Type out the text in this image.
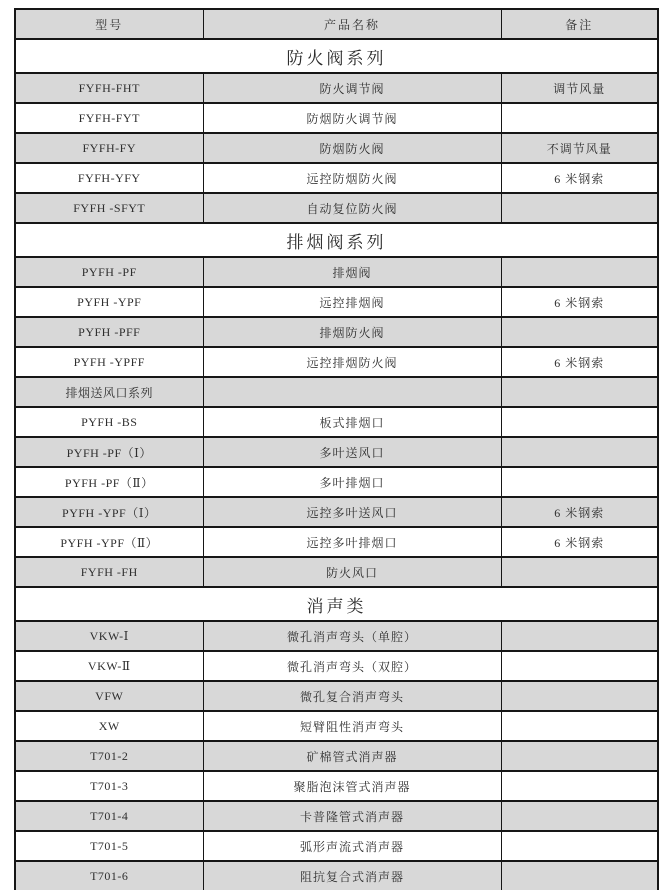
型号	产品名称	备注
防火阀系列		
FYFH-FHT	防火调节阀	调节风量
FYFH-FYT	防烟防火调节阀	
FYFH-FY	防烟防火阀	不调节风量
FYFH-YFY	远控防烟防火阀	6 米钢索
FYFH -SFYT	自动复位防火阀	
排烟阀系列		
PYFH -PF	排烟阀	
PYFH -YPF	远控排烟阀	6 米钢索
PYFH -PFF	排烟防火阀	
PYFH -YPFF	远控排烟防火阀	6 米钢索
排烟送风口系列		
PYFH -BS	板式排烟口	
PYFH -PF（Ⅰ）	多叶送风口	
PYFH -PF（Ⅱ）	多叶排烟口	
PYFH -YPF（Ⅰ）	远控多叶送风口	6 米钢索
PYFH -YPF（Ⅱ）	远控多叶排烟口	6 米钢索
FYFH -FH	防火风口	
消声类		
VKW-Ⅰ	微孔消声弯头（单腔）	
VKW-Ⅱ	微孔消声弯头（双腔）	
VFW	微孔复合消声弯头	
XW	短臂阻性消声弯头	
T701-2	矿棉管式消声器	
T701-3	聚脂泡沫管式消声器	
T701-4	卡普隆管式消声器	
T701-5	弧形声流式消声器	
T701-6	阻抗复合式消声器	
